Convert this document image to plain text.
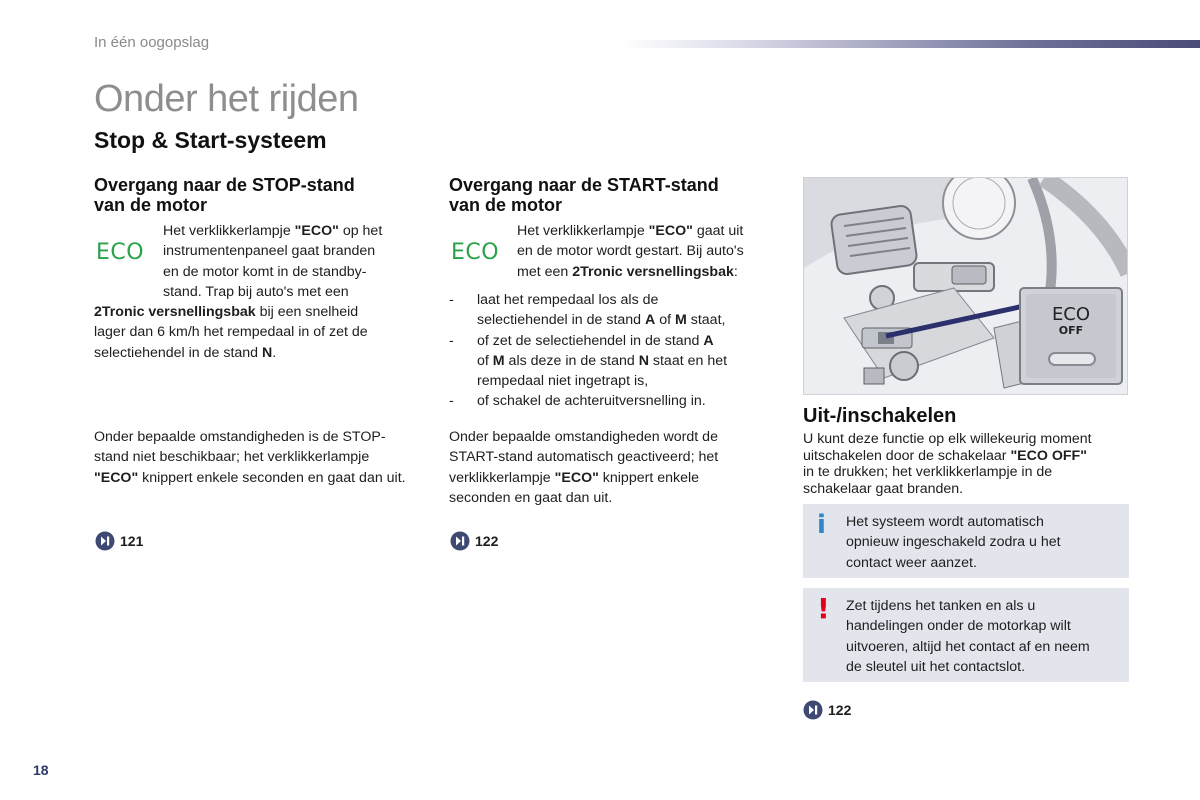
In één oogopslag
Onder het rijden
Stop & Start-systeem
Overgang naar de STOP-stand
van de motor
ECO
Het verklikkerlampje "ECO" op het
instrumentenpaneel gaat branden
en de motor komt in de standby-
stand. Trap bij auto's met een
2Tronic versnellingsbak bij een snelheid
lager dan 6 km/h het rempedaal in of zet de
selectiehendel in de stand N.
Onder bepaalde omstandigheden is de STOP-
stand niet beschikbaar; het verklikkerlampje
"ECO" knippert enkele seconden en gaat dan uit.
121
Overgang naar de START-stand
van de motor
ECO
Het verklikkerlampje "ECO" gaat uit
en de motor wordt gestart. Bij auto's
met een 2Tronic versnellingsbak:
- laat het rempedaal los als de
selectiehendel in de stand A of M staat,
- of zet de selectiehendel in de stand A
of M als deze in de stand N staat en het
rempedaal niet ingetrapt is,
- of schakel de achteruitversnelling in.
Onder bepaalde omstandigheden wordt de
START-stand automatisch geactiveerd; het
verklikkerlampje "ECO" knippert enkele
seconden en gaat dan uit.
122
ECO
OFF
Uit-/inschakelen
U kunt deze functie op elk willekeurig moment
uitschakelen door de schakelaar "ECO OFF"
in te drukken; het verklikkerlampje in de
schakelaar gaat branden.
i Het systeem wordt automatisch
opnieuw ingeschakeld zodra u het
contact weer aanzet.
! Zet tijdens het tanken en als u
handelingen onder de motorkap wilt
uitvoeren, altijd het contact af en neem
de sleutel uit het contactslot.
122
18
